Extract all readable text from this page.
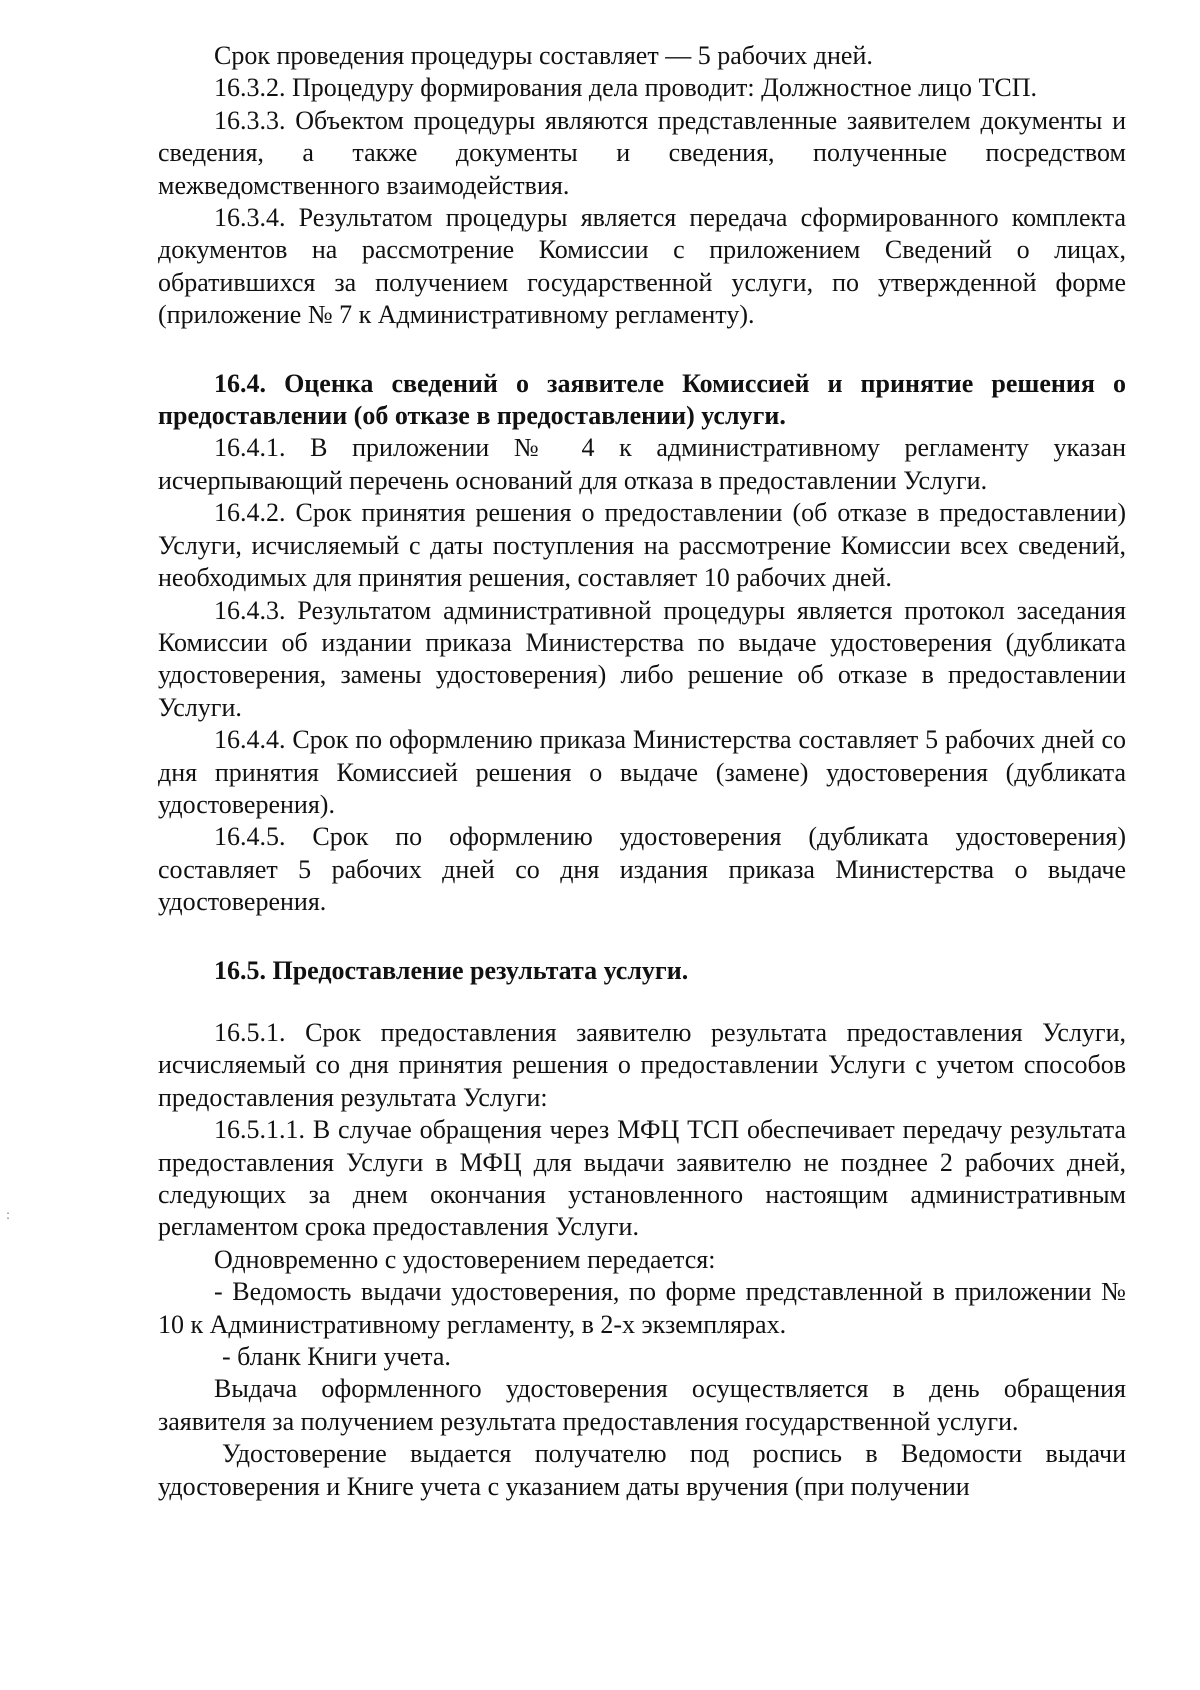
Срок проведения процедуры составляет — 5 рабочих дней.

16.3.2. Процедуру формирования дела проводит: Должностное лицо ТСП.

16.3.3. Объектом процедуры являются представленные заявителем документы и сведения, а также документы и сведения, полученные посредством межведомственного взаимодействия.

16.3.4. Результатом процедуры является передача сформированного комплекта документов на рассмотрение Комиссии с приложением Сведений о лицах, обратившихся за получением государственной услуги, по утвержденной форме (приложение № 7 к Административному регламенту).

16.4. Оценка сведений о заявителе Комиссией и принятие решения о предоставлении (об отказе в предоставлении) услуги.

16.4.1. В приложении № 4 к административному регламенту указан исчерпывающий перечень оснований для отказа в предоставлении Услуги.

16.4.2. Срок принятия решения о предоставлении (об отказе в предоставлении) Услуги, исчисляемый с даты поступления на рассмотрение Комиссии всех сведений, необходимых для принятия решения, составляет 10 рабочих дней.

16.4.3. Результатом административной процедуры является протокол заседания Комиссии об издании приказа Министерства по выдаче удостоверения (дубликата удостоверения, замены удостоверения) либо решение об отказе в предоставлении Услуги.

16.4.4. Срок по оформлению приказа Министерства составляет 5 рабочих дней со дня принятия Комиссией решения о выдаче (замене) удостоверения (дубликата удостоверения).

16.4.5. Срок по оформлению удостоверения (дубликата удостоверения) составляет 5 рабочих дней со дня издания приказа Министерства о выдаче удостоверения.

16.5. Предоставление результата услуги.

16.5.1. Срок предоставления заявителю результата предоставления Услуги, исчисляемый со дня принятия решения о предоставлении Услуги с учетом способов предоставления результата Услуги:

16.5.1.1. В случае обращения через МФЦ ТСП обеспечивает передачу результата предоставления Услуги в МФЦ для выдачи заявителю не позднее 2 рабочих дней, следующих за днем окончания установленного настоящим административным регламентом срока предоставления Услуги.

Одновременно с удостоверением передается:

- Ведомость выдачи удостоверения, по форме представленной в приложении № 10 к Административному регламенту, в 2-х экземплярах.

- бланк Книги учета.

Выдача оформленного удостоверения осуществляется в день обращения заявителя за получением результата предоставления государственной услуги.

Удостоверение выдается получателю под роспись в Ведомости выдачи удостоверения и Книге учета с указанием даты вручения (при получении

:
